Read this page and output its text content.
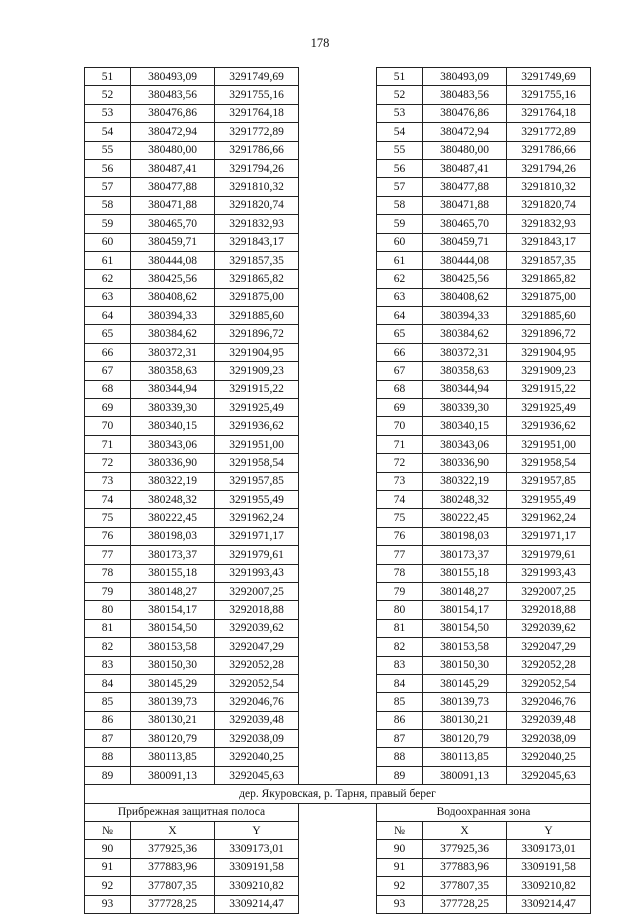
178
51	380493,09	3291749,69		51	380493,09	3291749,69
52	380483,56	3291755,16		52	380483,56	3291755,16
53	380476,86	3291764,18		53	380476,86	3291764,18
54	380472,94	3291772,89		54	380472,94	3291772,89
55	380480,00	3291786,66		55	380480,00	3291786,66
56	380487,41	3291794,26		56	380487,41	3291794,26
57	380477,88	3291810,32		57	380477,88	3291810,32
58	380471,88	3291820,74		58	380471,88	3291820,74
59	380465,70	3291832,93		59	380465,70	3291832,93
60	380459,71	3291843,17		60	380459,71	3291843,17
61	380444,08	3291857,35		61	380444,08	3291857,35
62	380425,56	3291865,82		62	380425,56	3291865,82
63	380408,62	3291875,00		63	380408,62	3291875,00
64	380394,33	3291885,60		64	380394,33	3291885,60
65	380384,62	3291896,72		65	380384,62	3291896,72
66	380372,31	3291904,95		66	380372,31	3291904,95
67	380358,63	3291909,23		67	380358,63	3291909,23
68	380344,94	3291915,22		68	380344,94	3291915,22
69	380339,30	3291925,49		69	380339,30	3291925,49
70	380340,15	3291936,62		70	380340,15	3291936,62
71	380343,06	3291951,00		71	380343,06	3291951,00
72	380336,90	3291958,54		72	380336,90	3291958,54
73	380322,19	3291957,85		73	380322,19	3291957,85
74	380248,32	3291955,49		74	380248,32	3291955,49
75	380222,45	3291962,24		75	380222,45	3291962,24
76	380198,03	3291971,17		76	380198,03	3291971,17
77	380173,37	3291979,61		77	380173,37	3291979,61
78	380155,18	3291993,43		78	380155,18	3291993,43
79	380148,27	3292007,25		79	380148,27	3292007,25
80	380154,17	3292018,88		80	380154,17	3292018,88
81	380154,50	3292039,62		81	380154,50	3292039,62
82	380153,58	3292047,29		82	380153,58	3292047,29
83	380150,30	3292052,28		83	380150,30	3292052,28
84	380145,29	3292052,54		84	380145,29	3292052,54
85	380139,73	3292046,76		85	380139,73	3292046,76
86	380130,21	3292039,48		86	380130,21	3292039,48
87	380120,79	3292038,09		87	380120,79	3292038,09
88	380113,85	3292040,25		88	380113,85	3292040,25
89	380091,13	3292045,63		89	380091,13	3292045,63
дер. Якуровская, р. Тарня, правый берег						
Прибрежная защитная полоса				Водоохранная зона		
№	X	Y		№	X	Y
90	377925,36	3309173,01		90	377925,36	3309173,01
91	377883,96	3309191,58		91	377883,96	3309191,58
92	377807,35	3309210,82		92	377807,35	3309210,82
93	377728,25	3309214,47		93	377728,25	3309214,47
